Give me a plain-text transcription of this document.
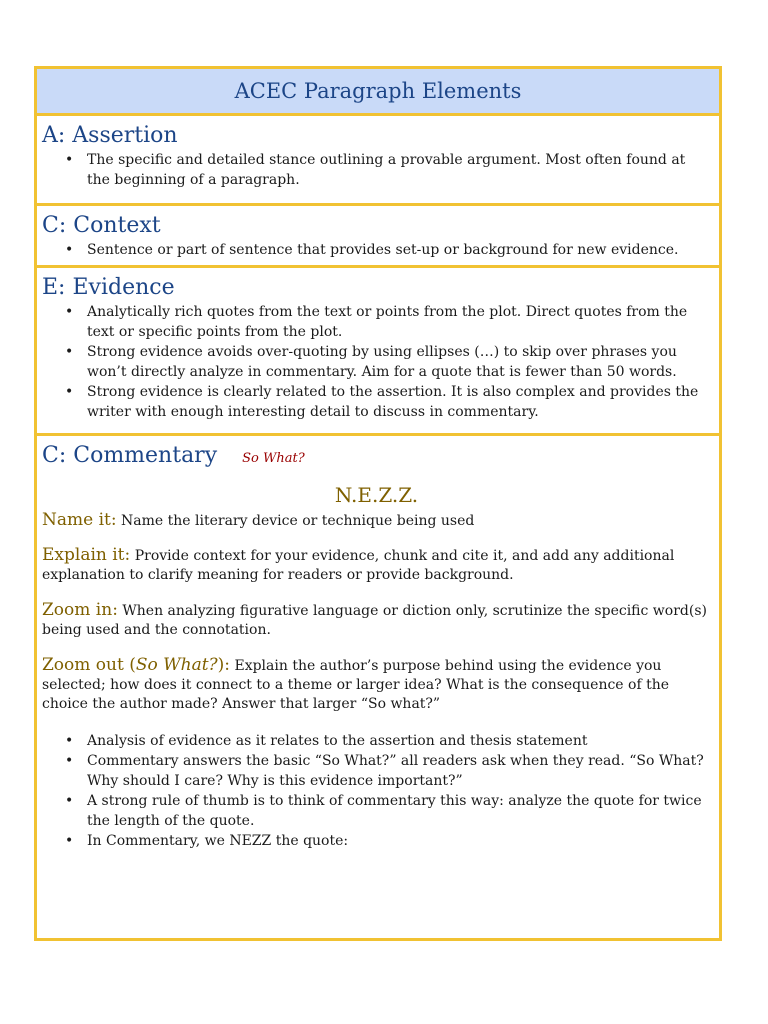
ACEC Paragraph Elements
A: Assertion
• The specific and detailed stance outlining a provable argument. Most often found at the beginning of a paragraph.
C: Context
• Sentence or part of sentence that provides set-up or background for new evidence.
E: Evidence
• Analytically rich quotes from the text or points from the plot. Direct quotes from the text or specific points from the plot.
• Strong evidence avoids over-quoting by using ellipses (…) to skip over phrases you won’t directly analyze in commentary. Aim for a quote that is fewer than 50 words.
• Strong evidence is clearly related to the assertion. It is also complex and provides the writer with enough interesting detail to discuss in commentary.
C: Commentary So What?
N.E.Z.Z.

Name it: Name the literary device or technique being used

Explain it: Provide context for your evidence, chunk and cite it, and add any additional explanation to clarify meaning for readers or provide background.

Zoom in: When analyzing figurative language or diction only, scrutinize the specific word(s) being used and the connotation.

Zoom out (So What?): Explain the author’s purpose behind using the evidence you selected; how does it connect to a theme or larger idea? What is the consequence of the choice the author made? Answer that larger “So what?”

• Analysis of evidence as it relates to the assertion and thesis statement
• Commentary answers the basic “So What?” all readers ask when they read. “So What? Why should I care? Why is this evidence important?”
• A strong rule of thumb is to think of commentary this way: analyze the quote for twice the length of the quote.
• In Commentary, we NEZZ the quote:
